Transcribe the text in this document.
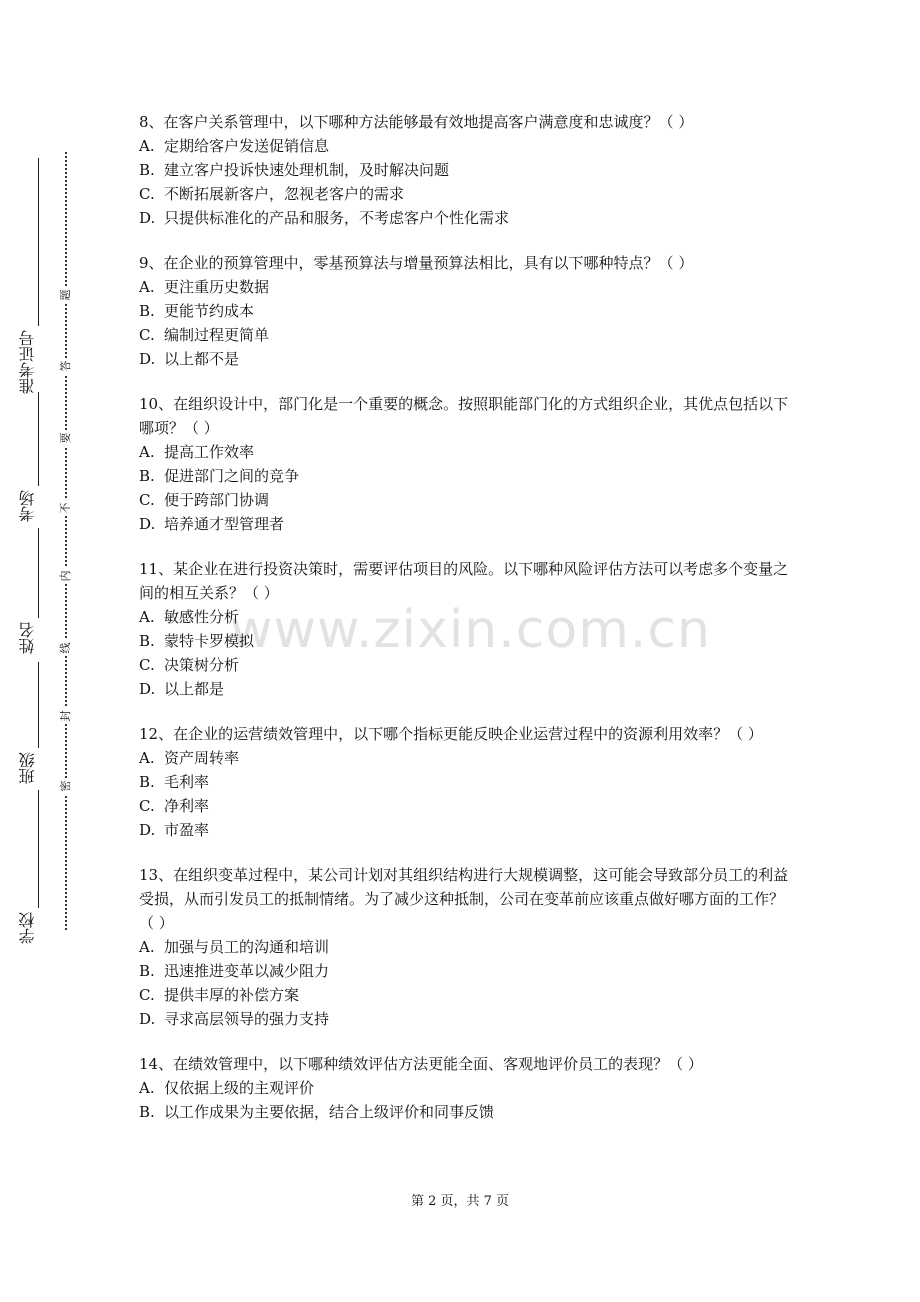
准考证号
考场
姓名
班级
学校
题
答
要
不
内
线
封
密
www.zixin.com.cn

8、在客户关系管理中，以下哪种方法能够最有效地提高客户满意度和忠诚度？（ ）

A. 定期给客户发送促销信息
B. 建立客户投诉快速处理机制，及时解决问题
C. 不断拓展新客户，忽视老客户的需求
D. 只提供标准化的产品和服务，不考虑客户个性化需求

9、在企业的预算管理中，零基预算法与增量预算法相比，具有以下哪种特点？（ ）

A. 更注重历史数据
B. 更能节约成本
C. 编制过程更简单
D. 以上都不是

10、在组织设计中，部门化是一个重要的概念。按照职能部门化的方式组织企业，其优点包括以下哪项？（ ）

A. 提高工作效率
B. 促进部门之间的竞争
C. 便于跨部门协调
D. 培养通才型管理者

11、某企业在进行投资决策时，需要评估项目的风险。以下哪种风险评估方法可以考虑多个变量之间的相互关系？（ ）

A. 敏感性分析
B. 蒙特卡罗模拟
C. 决策树分析
D. 以上都是

12、在企业的运营绩效管理中，以下哪个指标更能反映企业运营过程中的资源利用效率？（ ）

A. 资产周转率
B. 毛利率
C. 净利率
D. 市盈率

13、在组织变革过程中，某公司计划对其组织结构进行大规模调整，这可能会导致部分员工的利益受损，从而引发员工的抵制情绪。为了减少这种抵制，公司在变革前应该重点做好哪方面的工作？（ ）

A. 加强与员工的沟通和培训
B. 迅速推进变革以减少阻力
C. 提供丰厚的补偿方案
D. 寻求高层领导的强力支持

14、在绩效管理中，以下哪种绩效评估方法更能全面、客观地评价员工的表现？（ ）

A. 仅依据上级的主观评价
B. 以工作成果为主要依据，结合上级评价和同事反馈
第 2 页，共 7 页
